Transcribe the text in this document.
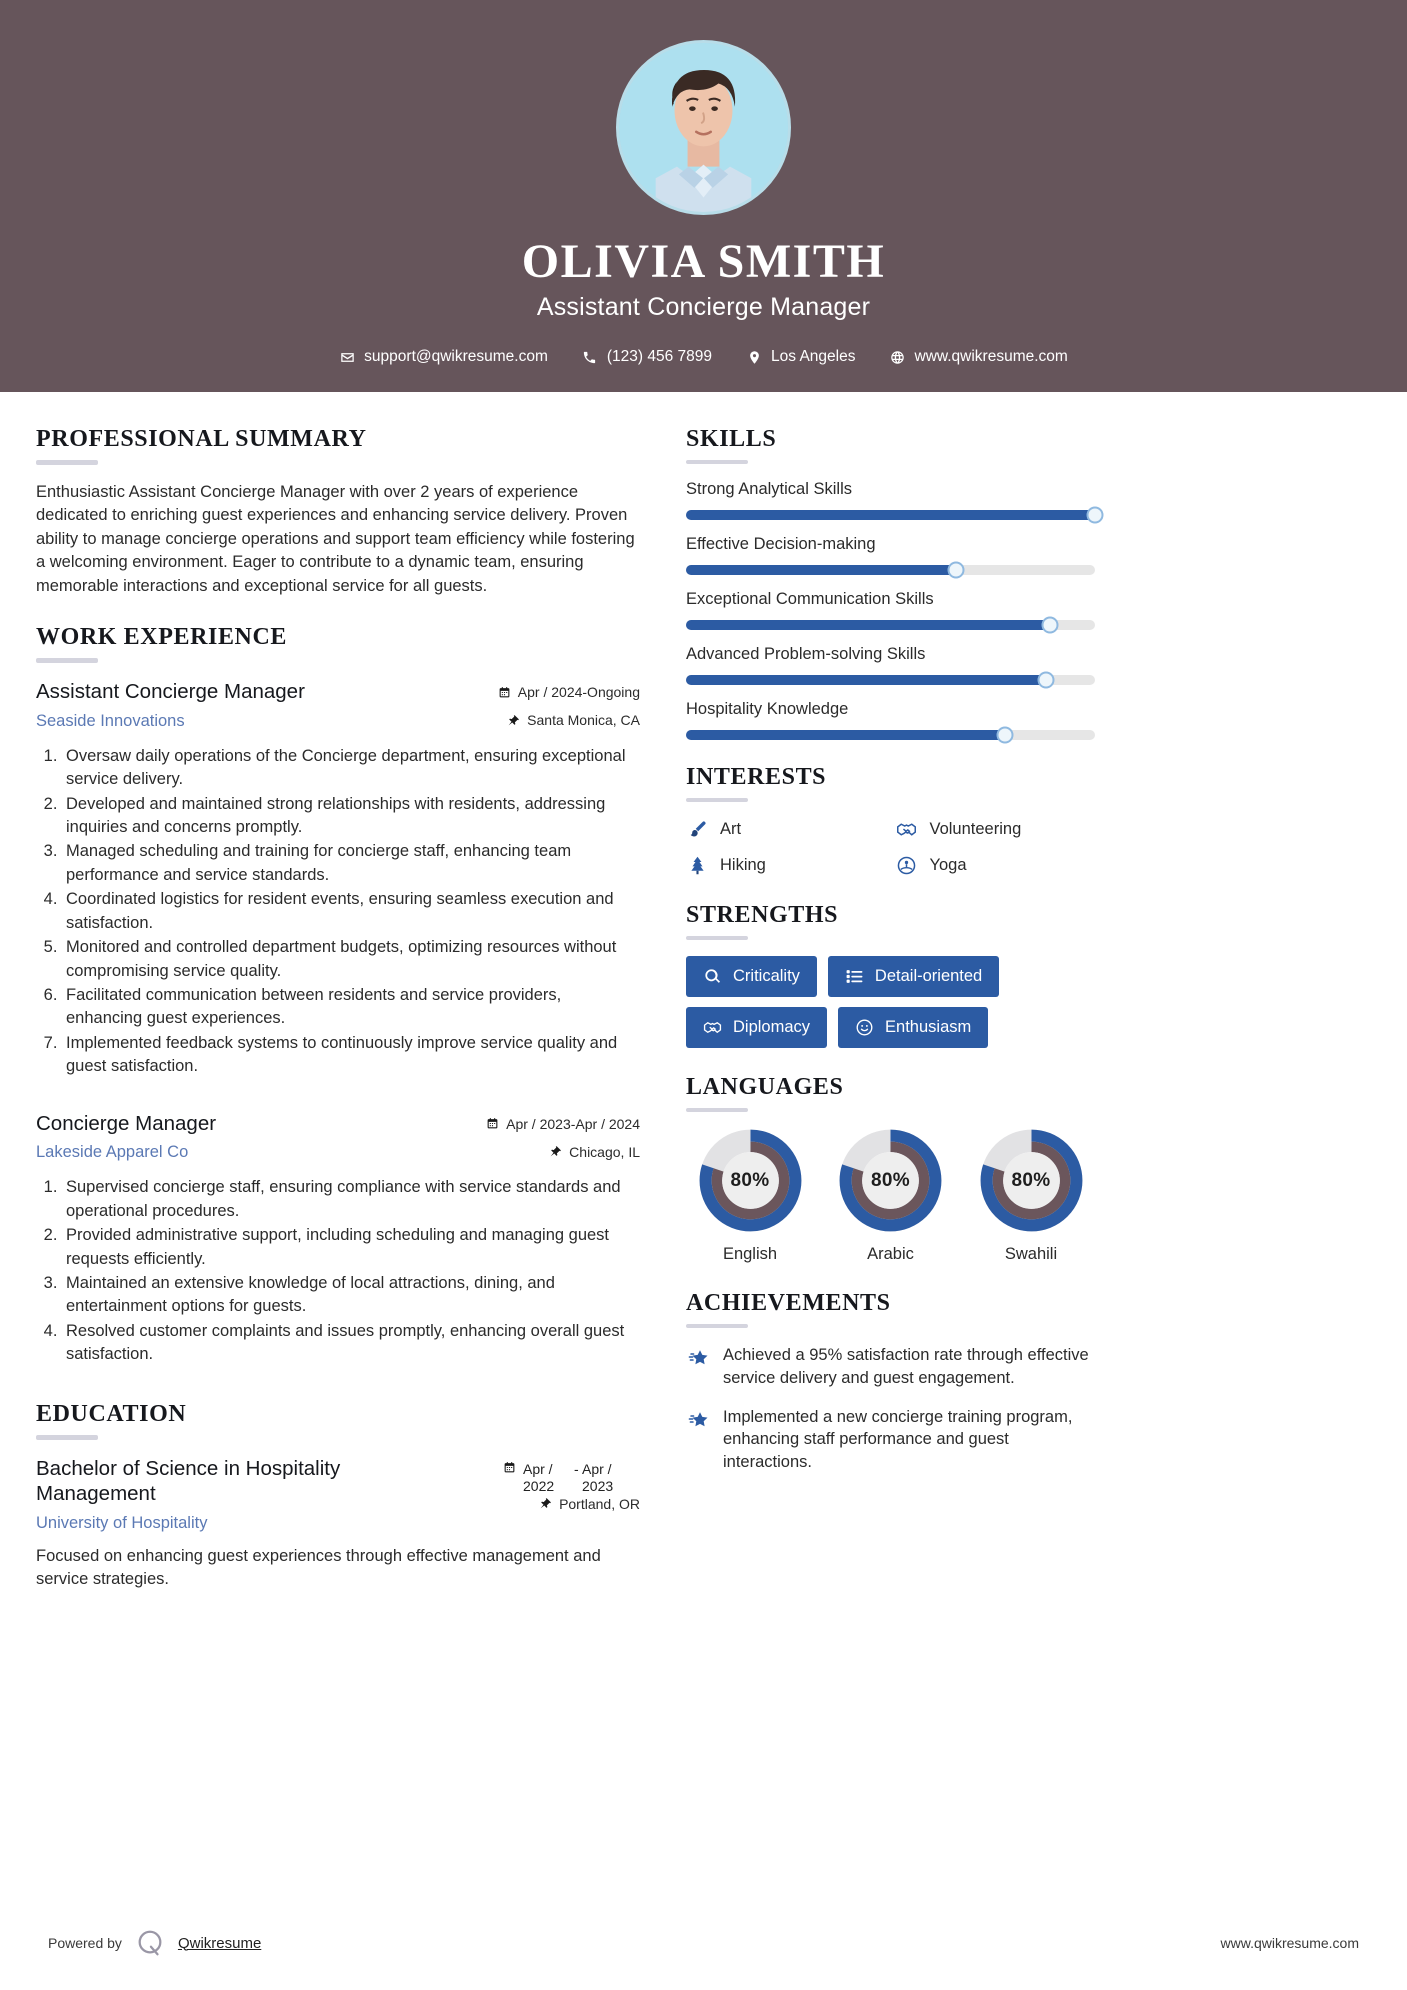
OLIVIA SMITH
Assistant Concierge Manager
support@qwikresume.com	(123) 456 7899	Los Angeles	www.qwikresume.com
PROFESSIONAL SUMMARY

Enthusiastic Assistant Concierge Manager with over 2 years of experience dedicated to enriching guest experiences and enhancing service delivery. Proven ability to manage concierge operations and support team efficiency while fostering a welcoming environment. Eager to contribute to a dynamic team, ensuring memorable interactions and exceptional service for all guests.

WORK EXPERIENCE
Assistant Concierge Manager
Seaside Innovations
Apr / 2024-Ongoing
Santa Monica, CA
1. Oversaw daily operations of the Concierge department, ensuring exceptional service delivery.
2. Developed and maintained strong relationships with residents, addressing inquiries and concerns promptly.
3. Managed scheduling and training for concierge staff, enhancing team performance and service standards.
4. Coordinated logistics for resident events, ensuring seamless execution and satisfaction.
5. Monitored and controlled department budgets, optimizing resources without compromising service quality.
6. Facilitated communication between residents and service providers, enhancing guest experiences.
7. Implemented feedback systems to continuously improve service quality and guest satisfaction.
Concierge Manager
Lakeside Apparel Co
Apr / 2023-Apr / 2024
Chicago, IL
1. Supervised concierge staff, ensuring compliance with service standards and operational procedures.
2. Provided administrative support, including scheduling and managing guest requests efficiently.
3. Maintained an extensive knowledge of local attractions, dining, and entertainment options for guests.
4. Resolved customer complaints and issues promptly, enhancing overall guest satisfaction.
EDUCATION
Bachelor of Science in Hospitality Management
University of Hospitality
Apr / 2022
- Apr / 2023
Portland, OR

Focused on enhancing guest experiences through effective management and service strategies.

SKILLS
Strong Analytical Skills
Effective Decision-making
Exceptional Communication Skills
Advanced Problem-solving Skills
Hospitality Knowledge
INTERESTS
Art	Volunteering
Hiking	Yoga
STRENGTHS
Criticality	Detail-oriented
Diplomacy	Enthusiasm
LANGUAGES
80%
English
80%
Arabic
80%
Swahili
ACHIEVEMENTS
Achieved a 95% satisfaction rate through effective service delivery and guest engagement.
Implemented a new concierge training program, enhancing staff performance and guest interactions.
Powered by	Qwikresume	www.qwikresume.com
